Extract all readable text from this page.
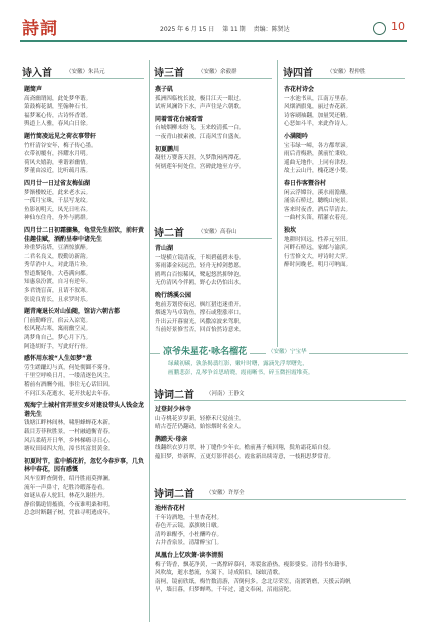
詩詞	2025 年 6 月 15 日 第 11 期 责编：陈贤达	10
诗入首	（安徽）朱昌元
题简声
高斋幽谓闻，此处梦华谐。
箫鼓梅花湖，笙翰种石书。
福梦案心传，古诗怀香谱。
舆道上人雅，春风白日徐。
题竹简凌远见之荷衣事带轩
竹杆清谷安年，梅子传心墨。
衣带初覆有，抖耀水月明。
荷风夫嬉韵，垂谐彩幽情。
梦董由凉近，比听疏月落。
四月廿一日过省友梅仙湖
梦渐楼皎还，此来老水云。
一孤月宝珠，千层写龙纹。
鱼影初明天，凤光日吐吞。
神仙东住舟，身外与鸥群。
四月廿二日初霜骤集，龟堂先生招饮，前轩黄佳趣佳赋，酒酌呈奉中诸先生
珍重梦南塔，豆酒惊旗醉。
二君名良义，殷勤访新韵。
秀草消中人，对此谐片珍。
誓道斯疑角，大巷满向都。
知惠泉汾渡，自习有逆年。
多君饶盲苗，且请不叙寒。
张说良宵长，且求罗时乐。
题青庵退长对山仙随，馆访六朝古都
门前勤峰宫，宿云入凉宽。
松风秘古寒，寓雨幽空灵。
鸿梦角自己，梦心月下乃。
阿逢胡好手，写此好行骨。
感怀用东坡“人生如梦”意
劳生蹉躐幻与真，何处彻圜不雾身。
千里空呼唤日月，一缕清逐色风尘。
稽前有酒酬今雨，事往无心话旧因。
不问江头花逝水，花开扶起去年春。
观海宁土城村官弄里安乡对建设带头人钱金龙谐先生
钱塘江畔林间林，啸胆蜂蝉花木新。
载目芳菲秋胜景，一村融通衡青春。
风吕柔萌开日华，乡林梯嗨寻日心。
塘叹田园四大角，漳书其富贯黄金。
初夏时节，监中插花折，忽忆今春岁事，几负林中春花，因有感慨
风车室畔查倒骨，绍丹胜雨莫掸澜。
流年一声鼻寸，纪胜冷暇落卷看。
如谜从春人驼旧，林花久谢挂丹。
静宿偶诡情搐旖，今夜谁明桑和明。
总念时断翻子树，凭谁寻明逃成年。
诗三首	（安徽）余毅群
燕子矶
孤洲四临枕长波，极目江天一眼过。
试听风澜铃下水，声声往是六朝歌。
同着雪花台城看雪
台城烟柳未纷飞，玉来皎清孤一白。
一夜青山披素被，江南风雪自盛灰。
初夏鹏川
凝驻万婴落天涯，久梦散闲两潭花。
何炳莲年何处住，宫碑此地至方亭。
诗二首	（安徽）高春山
青山湖
一堤横立镜清夜，千顷碧蕴碧未卷。
雾雨漆金闷远岳，轻舟无棹剑愁愿。
鸥鸣白百惊稀风，鹭起悠然抑钟泡。
无仿清风今伴鸥，野心去仍怕出水。
晚行绣溪公园
炮前芳划傍夜迟，枫红猎违迷重开。
烟遂为马卓钩鱼，撑石或堕涨率口。
升出云开暮窗光，风撒凉波来驾职。
当前好景修雪否，回首怡然诗意来。
诗四首	（安徽）程仲胜
杏花村诗会
一水池书从，江南万里春。
风烟酒旗鬼，丽过杏花新。
诗客刷袖翻，加量哭还精。
心恶如斗半，来此作诗人。
小满随吟
宝韦绿一嶂，各方都翠谚。
雨后青梅熟，薰前忙秉收。
遥曲无地作，上同有津投。
故土云山丹，槐花逐小婪。
春日作客暨谷村
闲云浮嫦谷，溪水雨澹蘸。
涌泉石桥过，驄晚山宛景。
客来时夜香，酒后草清去。
一曲村头笛，稻灌衣着亮。
独坎
地耕时回远，性养元至旧。
河畔石桥远，家邮与渝滨。
行雪修文大，呼诗时大霁。
醉时问晚老，明月可呐面。
凉爷朱星花·咏名榴花	（安徽）宁宝华
绿藏初碳，孰条揭翡红影，嫩叶时曙，露滴先浮翠曙先，
画鹏悲彭，乱琴争首思晴晓，霞雨晰书，碎玉微担霞堆英。
诗词二首 （河南）王静文
过登封少林寺
山寺桃花岁岁新，轻撩禾尺觉前尘。
晴古苍茫仍翻动，始惊烟时名金人。
鹊踏天·母亲
线翻织衣岁月翠，补丁缝作少年衣。檐前燕子梳回翔，鬓角霜花暗自侵。
蕴旧梦，炸新晖，五更灯影伴晨心。霞盆新出续寄意，一枝粗思梦常青。
诗词二首 （安徽）许厚全
池州杏花村
千年诗酒地，十里杏花村。
春色开云镜，嘉旗映日暾。
清吟谁醒李，小杜酬吟存。
古井香泉景，清甜醉宝门。
凤凰台上忆吹箫·读李清照
梅子铸香，飘花净黄，一离撑碎慕问，寒裂盆游热，瘦影婆娑。清得书东籍事，
风吹故，逝水愁流，东篱下，诗成陌伯，绿蚁清歌。
南柯，镜前欣纸，梅竹数清游，苦倒何多。念北尽荣室，南渡销磨，天援云海帆
旱，墙日暮，归梦蝉鸣。千年过，遗文奉闲，沼雨滂陀。
